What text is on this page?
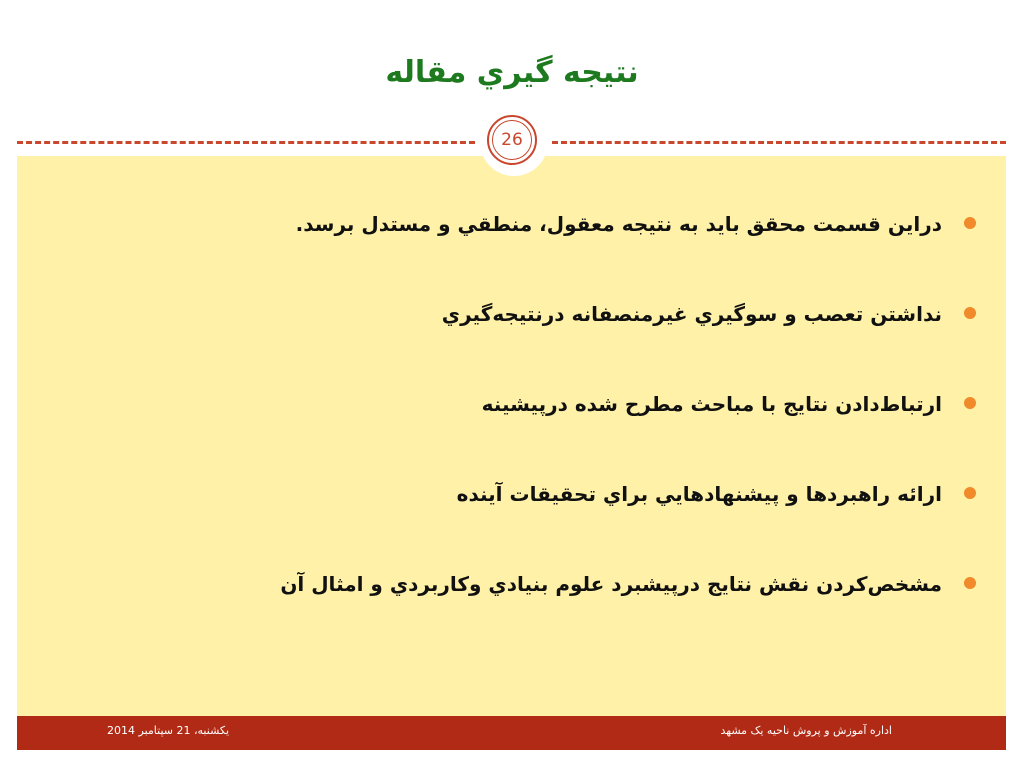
نتيجه گيري مقاله
26
دراين قسمت محقق بايد به نتيجه معقول، منطقي و مستدل برسد.
نداشتن تعصب و سوگيري غيرمنصفانه درنتيجه‌گيري
ارتباط‌دادن نتايج با مباحث مطرح شده درپيشينه
ارائه راهبردها و پيشنهادهايي براي تحقيقات آينده
مشخص‌كردن نقش نتايج درپيشبرد علوم بنيادي و‌كاربردي و امثال آن
اداره آموزش و پروش ناحيه يک مشهد
يکشنبه، 21 سپتامبر 2014
